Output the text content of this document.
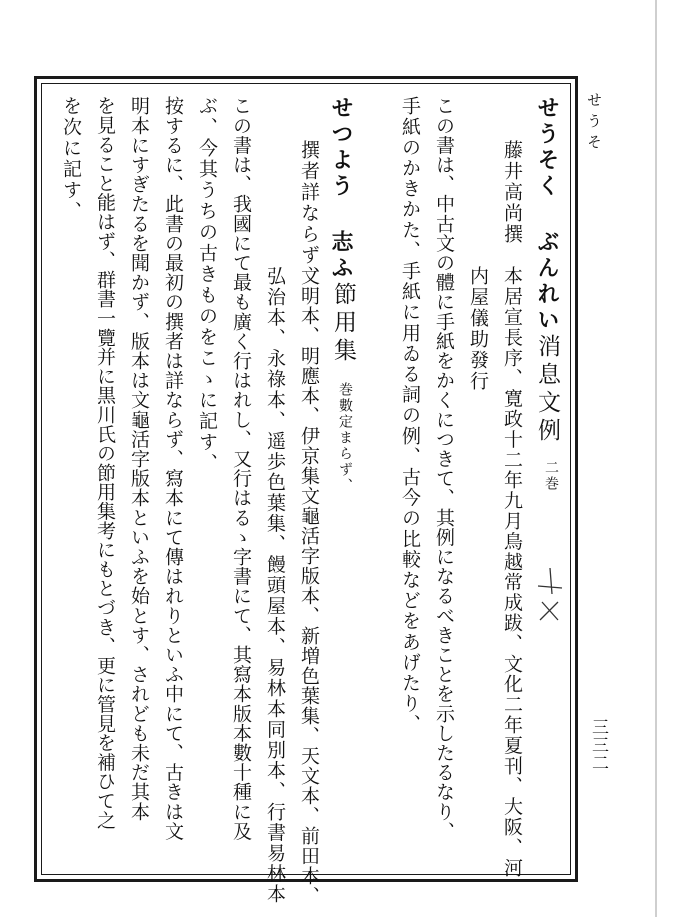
せうそ
三三二
せうそく ぶんれい
消息文例
二巻
藤井高尚撰
本居宣長序、寛政十二年九月鳥越常成跋、文化二年夏刊、大阪、河
内屋儀助發行
この書は、中古文の體に手紙をかくにつきて、其例になるべきことを示したるなり、
手紙のかきかた、手紙に用ゐる詞の例、古今の比較などをあげたり、
せつよう 志ふ
節用集
巻數定まらず、
撰者詳ならず、
文明本、明應本、伊京集文龜活字版本、新増色葉集、天文本、前田本、
弘治本、永祿本、遥歩色葉集、饅頭屋本、易林本同別本、行書易林本
この書は、我國にて最も廣く行はれし、又行はるゝ字書にて、其寫本版本數十種に及
ぶ、今其うちの古きものをこゝに記す、
按するに、此書の最初の撰者は詳ならず、寫本にて傳はれりといふ中にて、古きは文
明本にすぎたるを聞かず、版本は文龜活字版本といふを始とす、されども未だ其本
を見ること能はず、群書一覽并に黒川氏の節用集考にもとづき、更に管見を補ひて之
を次に記す、
